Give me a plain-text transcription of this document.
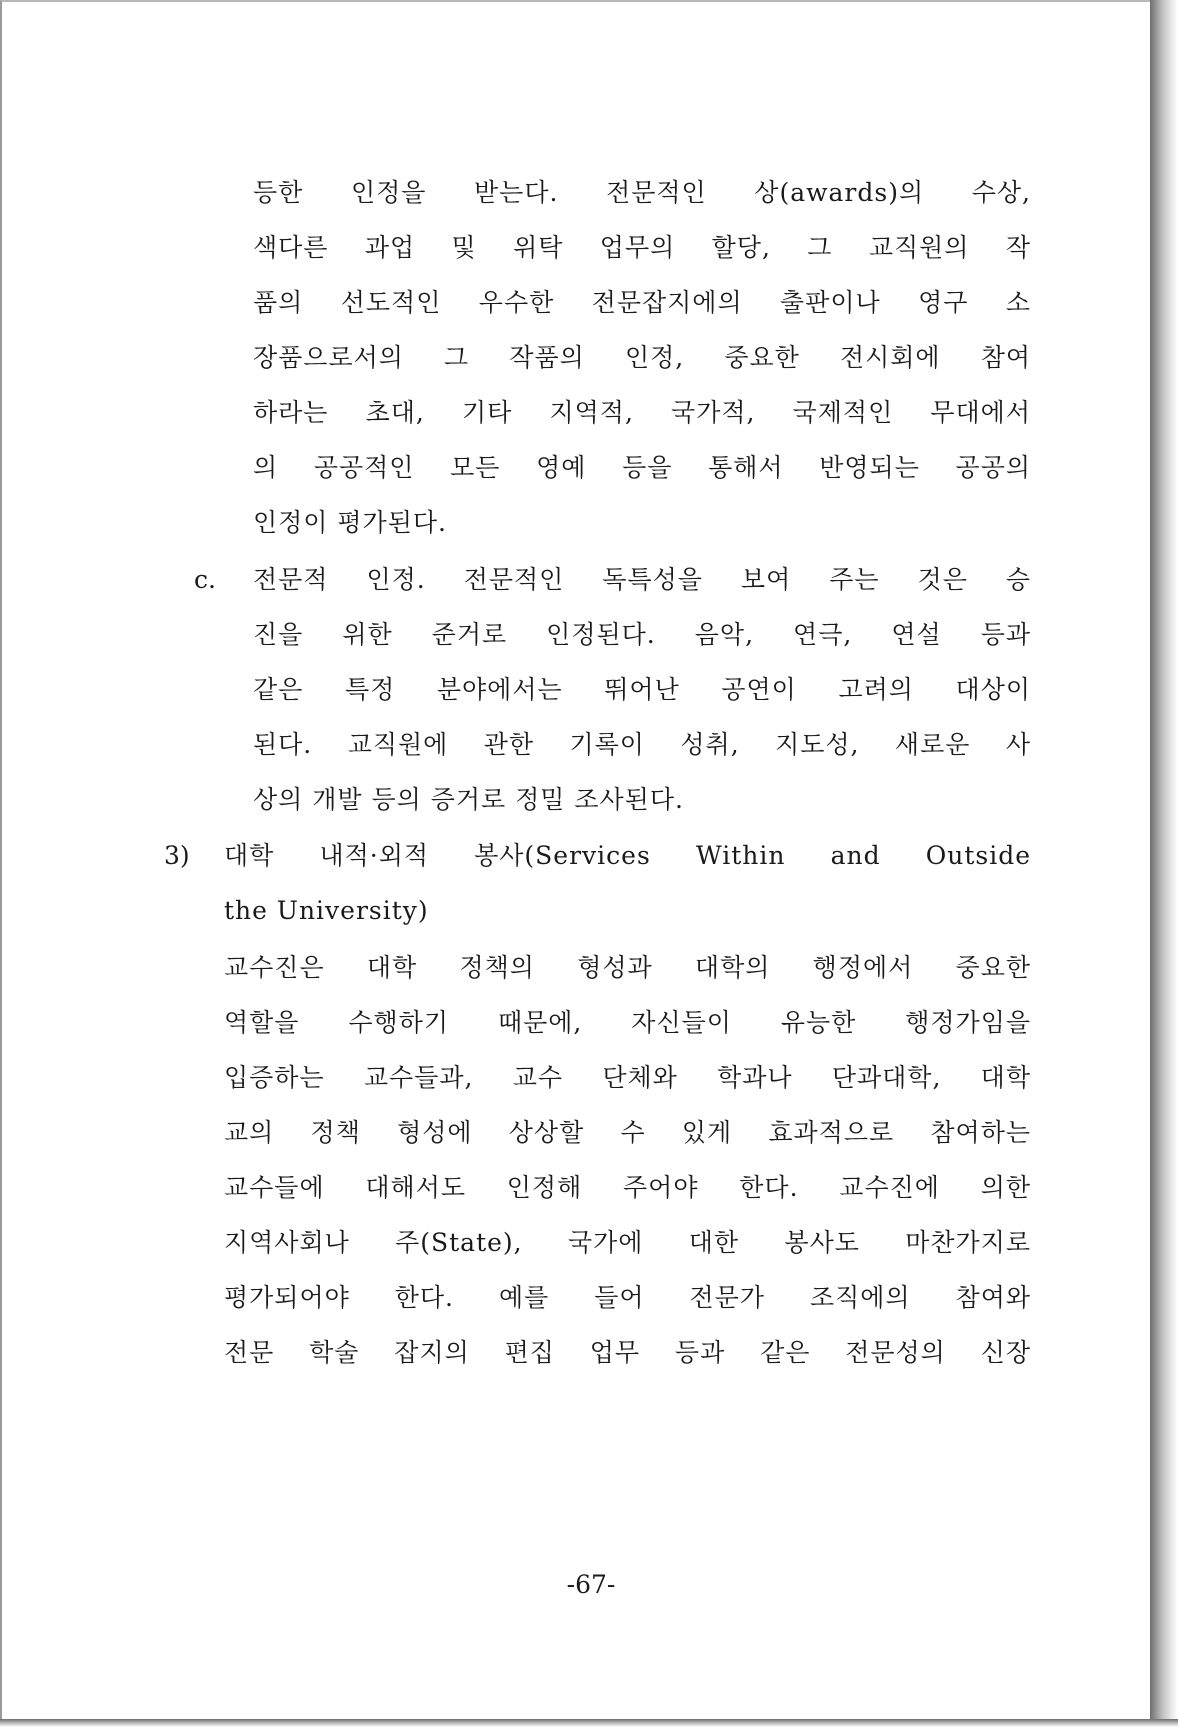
등한 인정을 받는다. 전문적인 상(awards)의 수상,
색다른 과업 및 위탁 업무의 할당, 그 교직원의 작
품의 선도적인 우수한 전문잡지에의 출판이나 영구 소
장품으로서의 그 작품의 인정, 중요한 전시회에 참여
하라는 초대, 기타 지역적, 국가적, 국제적인 무대에서
의 공공적인 모든 영예 등을 통해서 반영되는 공공의
인정이 평가된다.
c. 전문적 인정. 전문적인 독특성을 보여 주는 것은 승
진을 위한 준거로 인정된다. 음악, 연극, 연설 등과
같은 특정 분야에서는 뛰어난 공연이 고려의 대상이
된다. 교직원에 관한 기록이 성취, 지도성, 새로운 사
상의 개발 등의 증거로 정밀 조사된다.
3) 대학 내적·외적 봉사(Services Within and Outside
the University)
교수진은 대학 정책의 형성과 대학의 행정에서 중요한
역할을 수행하기 때문에, 자신들이 유능한 행정가임을
입증하는 교수들과, 교수 단체와 학과나 단과대학, 대학
교의 정책 형성에 상상할 수 있게 효과적으로 참여하는
교수들에 대해서도 인정해 주어야 한다. 교수진에 의한
지역사회나 주(State), 국가에 대한 봉사도 마찬가지로
평가되어야 한다. 예를 들어 전문가 조직에의 참여와
전문 학술 잡지의 편집 업무 등과 같은 전문성의 신장
-67-
